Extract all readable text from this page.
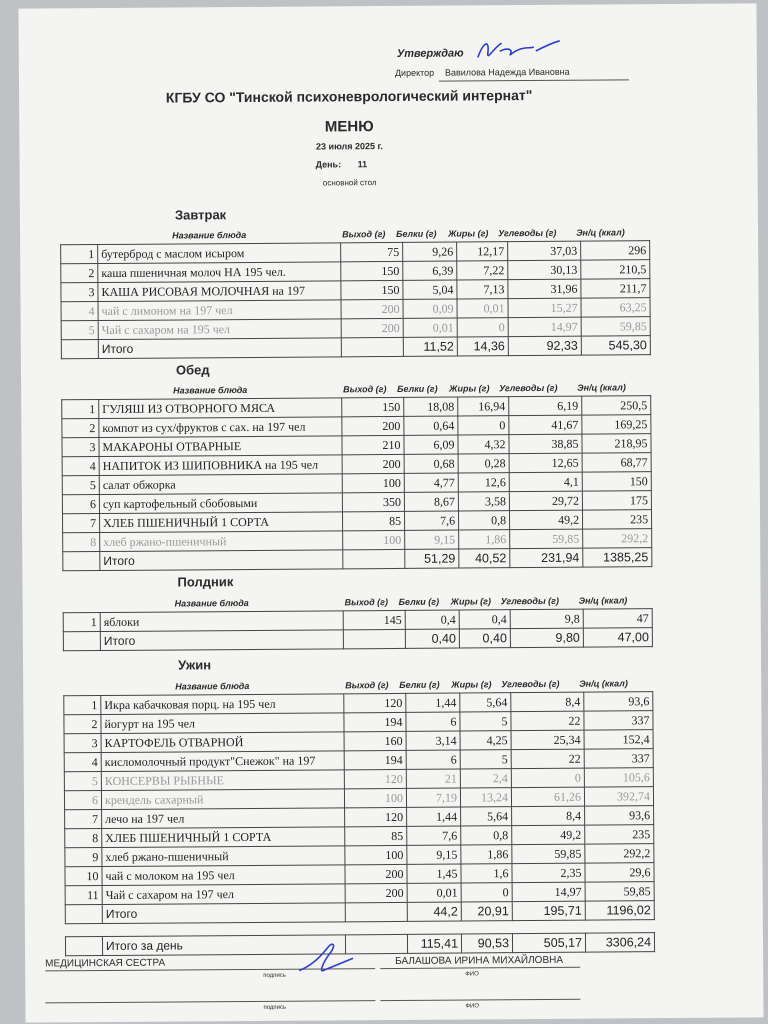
Утверждаю
Директор Вавилова Надежда Ивановна
КГБУ СО "Тинской психоневрологический интернат"
МЕНЮ
23 июля 2025 г.
День: 11
основной стол
Завтрак
Название блюда	Выход (г) Белки (г) Жиры (г) Углеводы (г) Эн/ц (ккал)
1	бутерброд с маслом исыром	75	9,26	12,17	37,03	296
2	каша пшеничная молоч НА 195 чел.	150	6,39	7,22	30,13	210,5
3	КАША РИСОВАЯ МОЛОЧНАЯ на 197	150	5,04	7,13	31,96	211,7
4	чай с лимоном на 197 чел	200	0,09	0,01	15,27	63,25
5	Чай с сахаром на 195 чел	200	0,01	0	14,97	59,85
	Итого		11,52	14,36	92,33	545,30
Обед
Название блюда	Выход (г) Белки (г) Жиры (г) Углеводы (г) Эн/ц (ккал)
1	ГУЛЯШ ИЗ ОТВОРНОГО МЯСА	150	18,08	16,94	6,19	250,5
2	компот из сух/фруктов с сах. на 197 чел	200	0,64	0	41,67	169,25
3	МАКАРОНЫ ОТВАРНЫЕ	210	6,09	4,32	38,85	218,95
4	НАПИТОК ИЗ ШИПОВНИКА на 195 чел	200	0,68	0,28	12,65	68,77
5	салат обжорка	100	4,77	12,6	4,1	150
6	суп картофельный сбобовыми	350	8,67	3,58	29,72	175
7	ХЛЕБ ПШЕНИЧНЫЙ 1 СОРТА	85	7,6	0,8	49,2	235
8	хлеб ржано-пшеничный	100	9,15	1,86	59,85	292,2
	Итого		51,29	40,52	231,94	1385,25
Полдник
Название блюда	Выход (г) Белки (г) Жиры (г) Углеводы (г) Эн/ц (ккал)
1	яблоки	145	0,4	0,4	9,8	47
	Итого		0,40	0,40	9,80	47,00
Ужин
Название блюда	Выход (г) Белки (г) Жиры (г) Углеводы (г) Эн/ц (ккал)
1	Икра кабачковая порц. на 195 чел	120	1,44	5,64	8,4	93,6
2	йогурт на 195 чел	194	6	5	22	337
3	КАРТОФЕЛЬ ОТВАРНОЙ	160	3,14	4,25	25,34	152,4
4	кисломолочный продукт"Снежок" на 197	194	6	5	22	337
5	КОНСЕРВЫ РЫБНЫЕ	120	21	2,4	0	105,6
6	крендель сахарный	100	7,19	13,24	61,26	392,74
7	лечо на 197 чел	120	1,44	5,64	8,4	93,6
8	ХЛЕБ ПШЕНИЧНЫЙ 1 СОРТА	85	7,6	0,8	49,2	235
9	хлеб ржано-пшеничный	100	9,15	1,86	59,85	292,2
10	чай с молоком на 195 чел	200	1,45	1,6	2,35	29,6
11	Чай с сахаром на 197 чел	200	0,01	0	14,97	59,85
	Итого		44,2	20,91	195,71	1196,02
	Итого за день		115,41	90,53	505,17	3306,24
МЕДИЦИНСКАЯ СЕСТРА	БАЛАШОВА ИРИНА МИХАЙЛОВНА
подпись	ФИО
подпись	ФИО
